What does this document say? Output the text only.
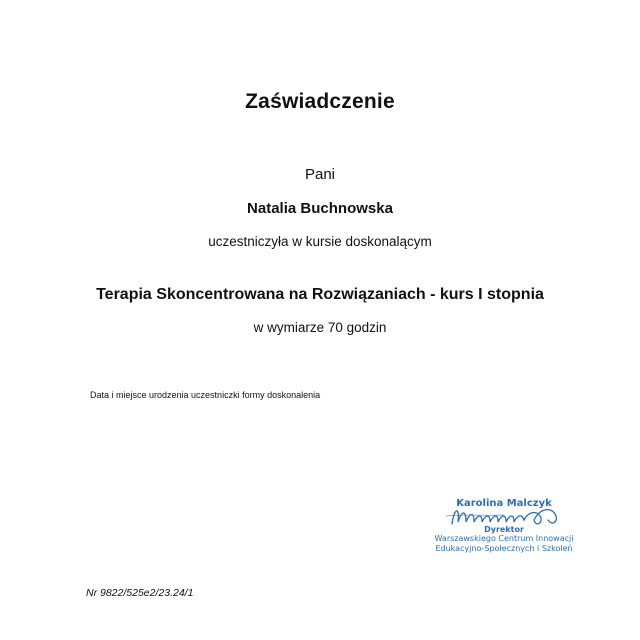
Zaświadczenie
Pani
Natalia Buchnowska
uczestniczyła w kursie doskonalącym
Terapia Skoncentrowana na Rozwiązaniach - kurs I stopnia
w wymiarze 70 godzin
Data i miejsce urodzenia uczestniczki formy doskonalenia
Karolina Malczyk
Dyrektor
Warszawskiego Centrum Innowacji
Edukacyjno-Społecznych i Szkoleń
Nr 9822/525e2/23.24/1
